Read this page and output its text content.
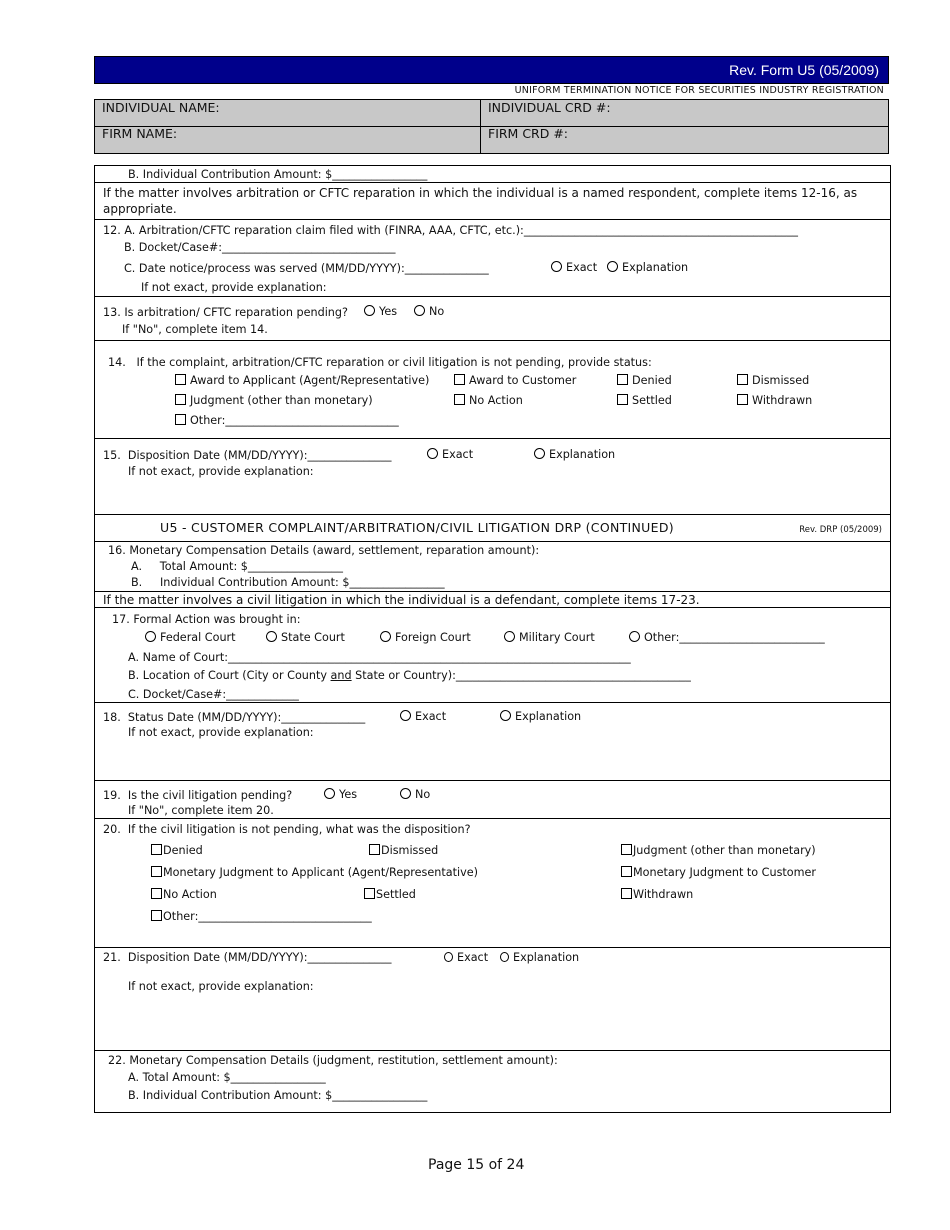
Rev. Form U5 (05/2009)
UNIFORM TERMINATION NOTICE FOR SECURITIES INDUSTRY REGISTRATION
INDIVIDUAL NAME:	INDIVIDUAL CRD #:
FIRM NAME:	FIRM CRD #:
B. Individual Contribution Amount: $_________________
If the matter involves arbitration or CFTC reparation in which the individual is a named respondent, complete items 12-16, as appropriate.
12. A. Arbitration/CFTC reparation claim filed with (FINRA, AAA, CFTC, etc.):_________________________________________________
B. Docket/Case#:_______________________________
C. Date notice/process was served (MM/DD/YYYY):_______________	Exact	Explanation
If not exact, provide explanation:
13. Is arbitration/ CFTC reparation pending?	Yes	No
If "No", complete item 14.
14.   If the complaint, arbitration/CFTC reparation or civil litigation is not pending, provide status:
Award to Applicant (Agent/Representative)	Award to Customer	Denied	Dismissed
Judgment (other than monetary)	No Action	Settled	Withdrawn
Other:_______________________________
15.  Disposition Date (MM/DD/YYYY):_______________	Exact	Explanation
If not exact, provide explanation:
U5 - CUSTOMER COMPLAINT/ARBITRATION/CIVIL LITIGATION DRP (CONTINUED)	Rev. DRP (05/2009)
16. Monetary Compensation Details (award, settlement, reparation amount):
A.     Total Amount: $_________________
B.     Individual Contribution Amount: $_________________
If the matter involves a civil litigation in which the individual is a defendant, complete items 17-23.
17. Formal Action was brought in:
Federal Court	State Court	Foreign Court	Military Court	Other:__________________________
A. Name of Court:________________________________________________________________________
B. Location of Court (City or County and State or Country):__________________________________________
C. Docket/Case#:_____________
18.  Status Date (MM/DD/YYYY):_______________	Exact	Explanation
If not exact, provide explanation:
19.  Is the civil litigation pending?	Yes	No
If "No", complete item 20.
20.  If the civil litigation is not pending, what was the disposition?
Denied	Dismissed	Judgment (other than monetary)
Monetary Judgment to Applicant (Agent/Representative)	Monetary Judgment to Customer
No Action	Settled	Withdrawn
Other:_______________________________
21.  Disposition Date (MM/DD/YYYY):_______________	Exact	Explanation
If not exact, provide explanation:
22. Monetary Compensation Details (judgment, restitution, settlement amount):
A. Total Amount: $_________________
B. Individual Contribution Amount: $_________________
Page 15 of 24
